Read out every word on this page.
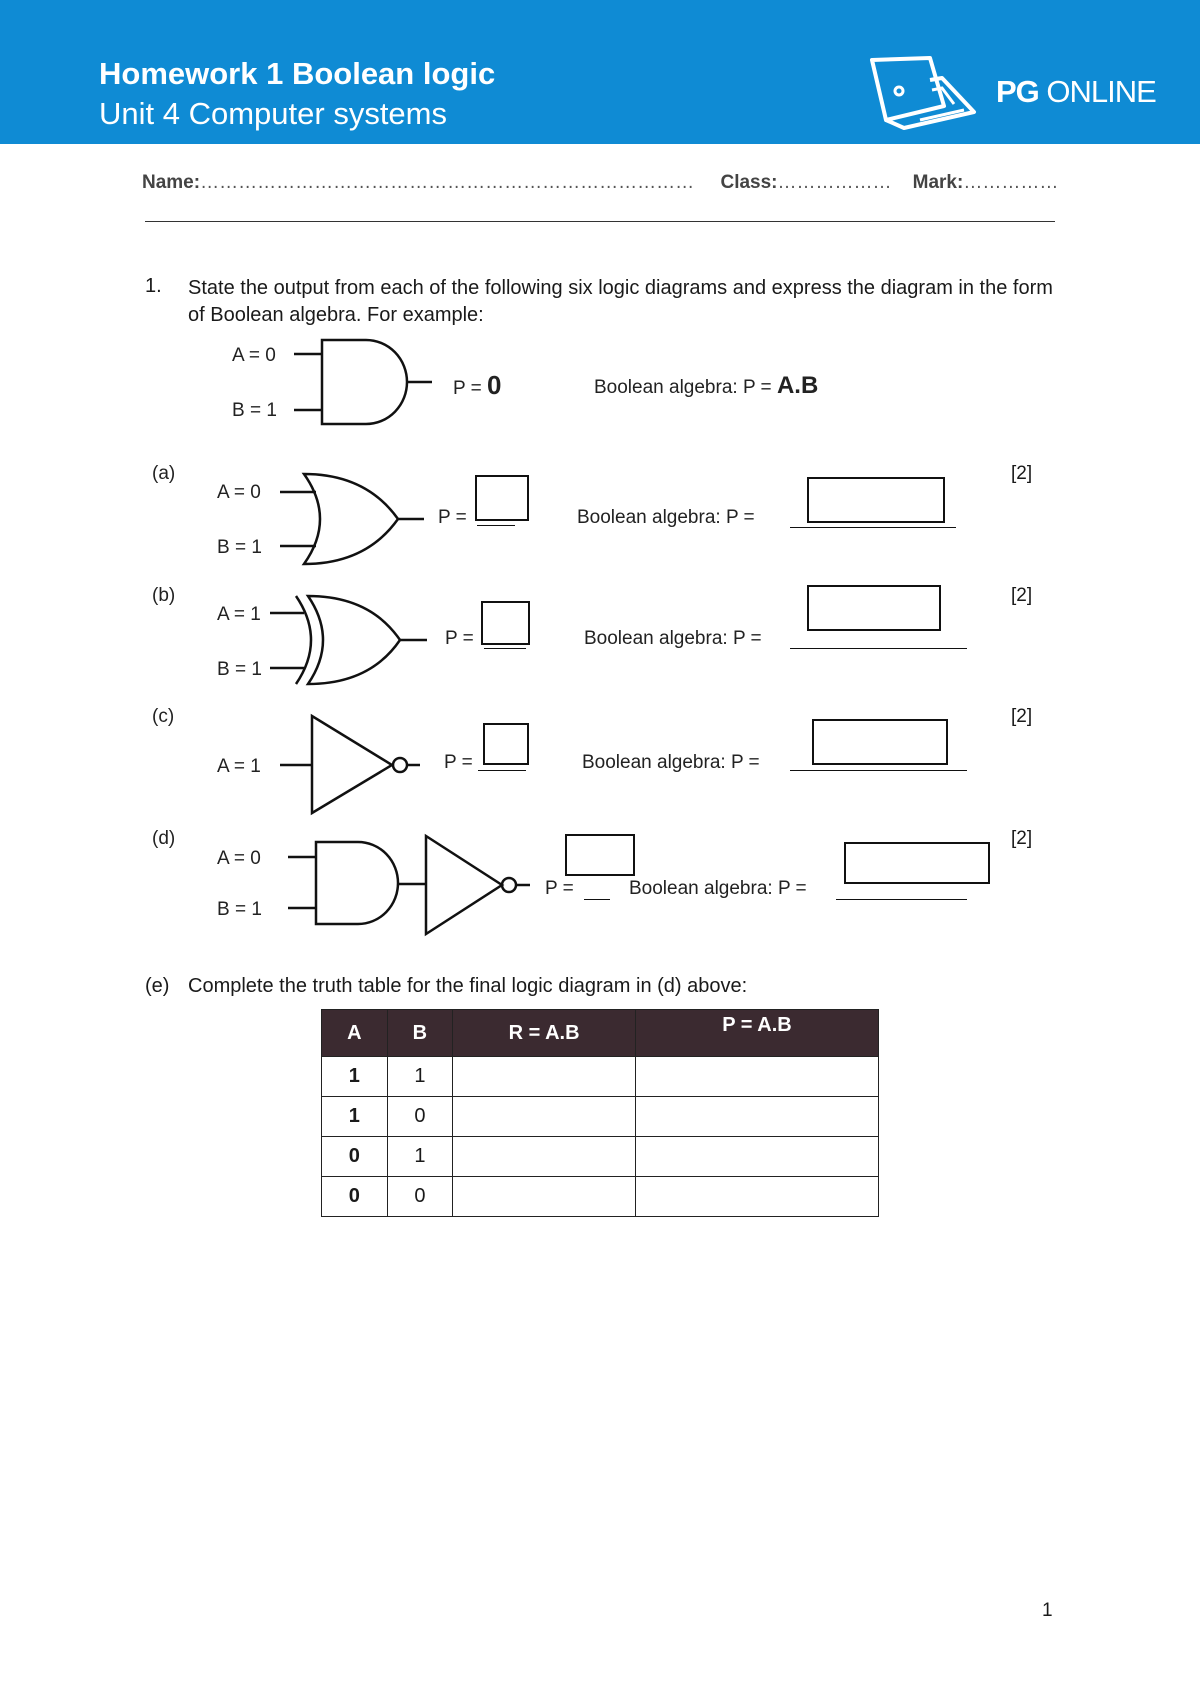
Homework 1 Boolean logic
Unit 4 Computer systems
PG ONLINE
Name:…………………………………………………………………… Class:……………… Mark:……………
1. State the output from each of the following six logic diagrams and express the diagram in the form of Boolean algebra. For example:
A = 0
B = 1
P = 0	Boolean algebra: P = A.B
(a)	[2]
A = 0
B = 1
P =	Boolean algebra: P =
(b)	[2]
A = 1
B = 1
P =	Boolean algebra: P =
(c)	[2]
A = 1	P =	Boolean algebra: P =
(d)	[2]
A = 0
B = 1
P =	Boolean algebra: P =
(e) Complete the truth table for the final logic diagram in (d) above:
A	B	R = A.B	P = A.B
1	1		
1	0		
0	1		
0	0		
1
